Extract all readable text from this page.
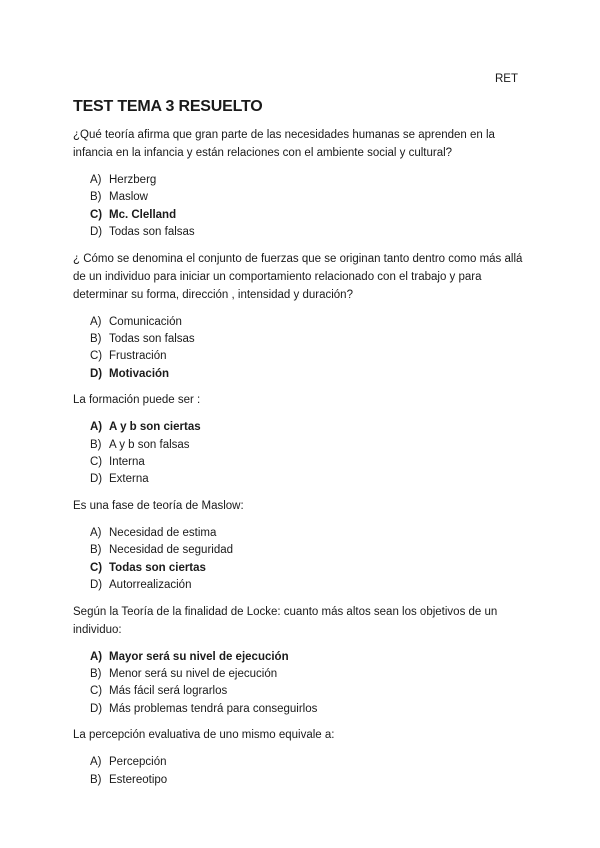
RET
TEST TEMA 3 RESUELTO

¿Qué teoría afirma que gran parte de las necesidades humanas se aprenden en la infancia en la infancia y están relaciones con el ambiente social y cultural?

A) Herzberg
B) Maslow
C) Mc. Clelland
D) Todas son falsas

¿ Cómo se denomina el conjunto de fuerzas que se originan tanto dentro como más allá de un individuo para iniciar un comportamiento relacionado con el trabajo y para determinar su forma, dirección , intensidad y duración?

A) Comunicación
B) Todas son falsas
C) Frustración
D) Motivación

La formación puede ser :

A) A y b son ciertas
B) A y b son falsas
C) Interna
D) Externa

Es una fase de teoría de Maslow:

A) Necesidad de estima
B) Necesidad de seguridad
C) Todas son ciertas
D) Autorrealización

Según la Teoría de la finalidad de Locke: cuanto más altos sean los objetivos de un individuo:

A) Mayor será su nivel de ejecución
B) Menor será su nivel de ejecución
C) Más fácil será lograrlos
D) Más problemas tendrá para conseguirlos

La percepción evaluativa de uno mismo equivale a:

A) Percepción
B) Estereotipo
